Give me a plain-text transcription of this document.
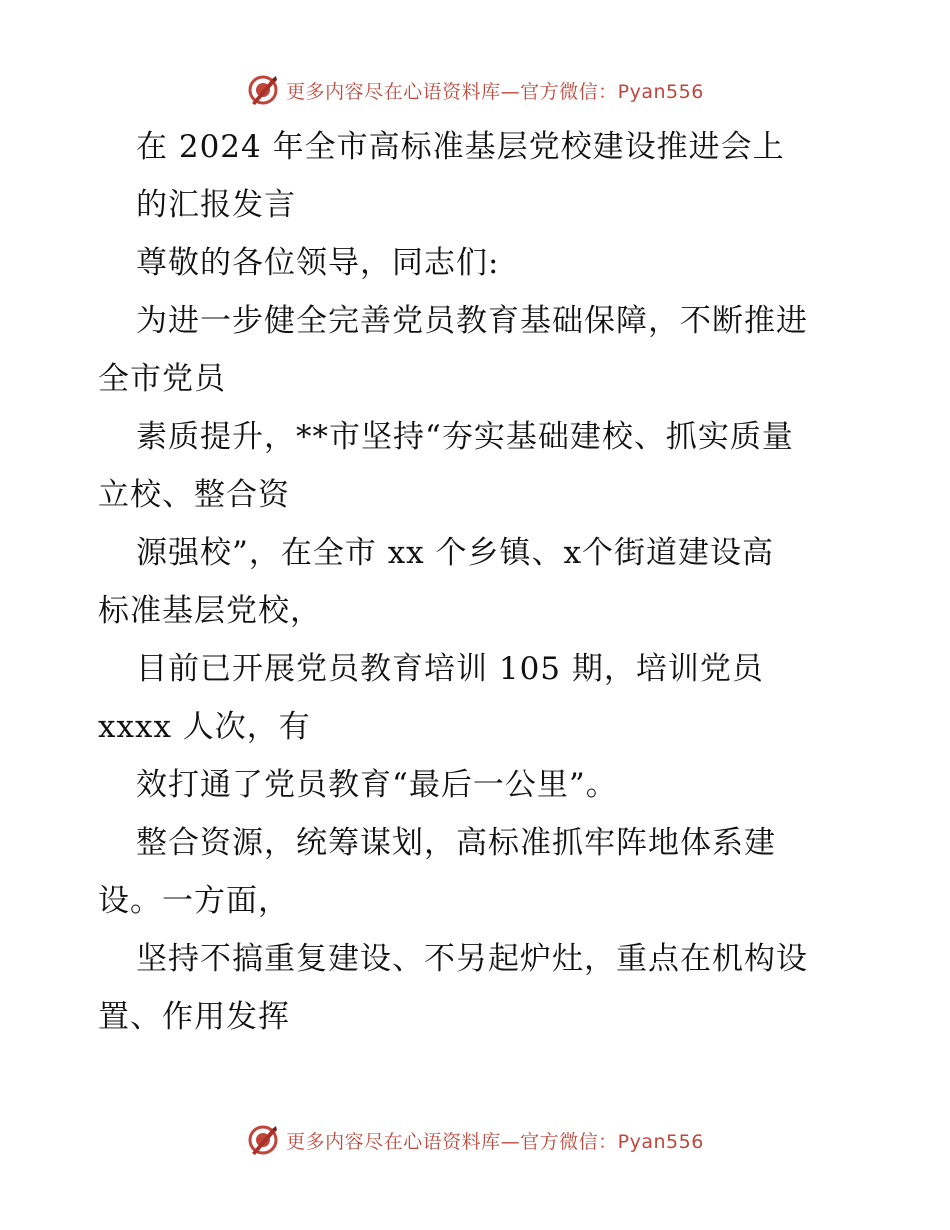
更多内容尽在心语资料库—官方微信：Pyan556
在 2024 年全市高标准基层党校建设推进会上
的汇报发言
尊敬的各位领导，同志们:
为进一步健全完善党员教育基础保障，不断推进
全市党员
素质提升，**市坚持“夯实基础建校、抓实质量
立校、整合资
源强校”，在全市 xx 个乡镇、x个街道建设高
标准基层党校，
目前已开展党员教育培训 105 期，培训党员
xxxx 人次，有
效打通了党员教育“最后一公里”。
整合资源，统筹谋划，高标准抓牢阵地体系建
设。一方面，
坚持不搞重复建设、不另起炉灶，重点在机构设
置、作用发挥
更多内容尽在心语资料库—官方微信：Pyan556
